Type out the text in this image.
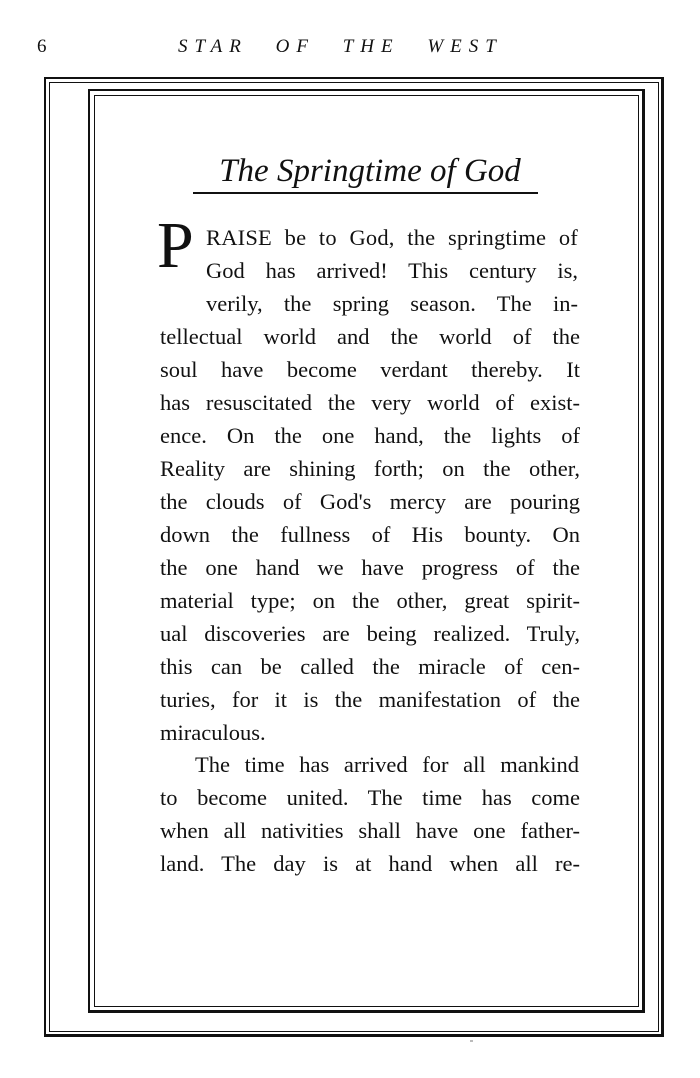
6	STAR OF THE WEST
The Springtime of God
P RAISE be to God, the springtime of
God has arrived! This century is,
verily, the spring season. The in-
tellectual world and the world of the
soul have become verdant thereby. It
has resuscitated the very world of exist-
ence. On the one hand, the lights of
Reality are shining forth; on the other,
the clouds of God's mercy are pouring
down the fullness of His bounty. On
the one hand we have progress of the
material type; on the other, great spirit-
ual discoveries are being realized. Truly,
this can be called the miracle of cen-
turies, for it is the manifestation of the
miraculous.
The time has arrived for all mankind
to become united. The time has come
when all nativities shall have one father-
land. The day is at hand when all re-
